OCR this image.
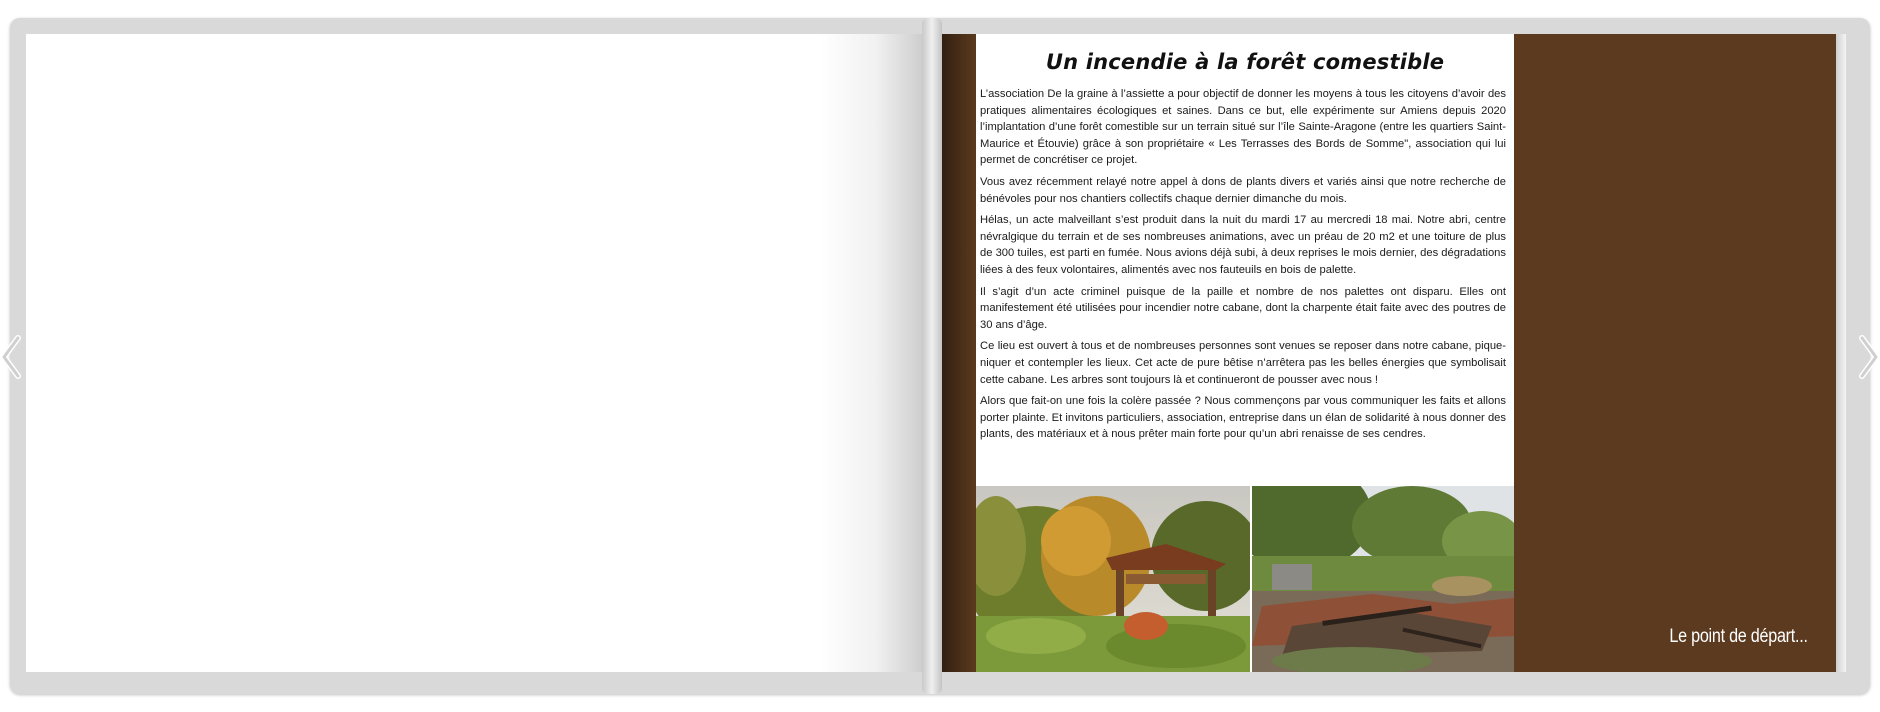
Un incendie à la forêt comestible

L’association De la graine à l’assiette a pour objectif de donner les moyens à tous les citoyens d’avoir des pratiques alimentaires écologiques et saines. Dans ce but, elle expérimente sur Amiens depuis 2020 l’implantation d’une forêt comestible sur un terrain situé sur l’île Sainte-Aragone (entre les quartiers Saint-Maurice et Étouvie) grâce à son propriétaire « Les Terrasses des Bords de Somme", association qui lui permet de concrétiser ce projet.

Vous avez récemment relayé notre appel à dons de plants divers et variés ainsi que notre recherche de bénévoles pour nos chantiers collectifs chaque dernier dimanche du mois.

Hélas, un acte malveillant s’est produit dans la nuit du mardi 17 au mercredi 18 mai. Notre abri, centre névralgique du terrain et de ses nombreuses animations, avec un préau de 20 m2 et une toiture de plus de 300 tuiles, est parti en fumée. Nous avions déjà subi, à deux reprises le mois dernier, des dégradations liées à des feux volontaires, alimentés avec nos fauteuils en bois de palette.

Il s’agit d’un acte criminel puisque de la paille et nombre de nos palettes ont disparu. Elles ont manifestement été utilisées pour incendier notre cabane, dont la charpente était faite avec des poutres de 30 ans d’âge.

Ce lieu est ouvert à tous et de nombreuses personnes sont venues se reposer dans notre cabane, pique-niquer et contempler les lieux. Cet acte de pure bêtise n’arrêtera pas les belles énergies que symbolisait cette cabane. Les arbres sont toujours là et continueront de pousser avec nous !

Alors que fait-on une fois la colère passée ? Nous commençons par vous communiquer les faits et allons porter plainte. Et invitons particuliers, association, entreprise dans un élan de solidarité à nous donner des plants, des matériaux et à nous prêter main forte pour qu’un abri renaisse de ses cendres.

Le point de départ...
